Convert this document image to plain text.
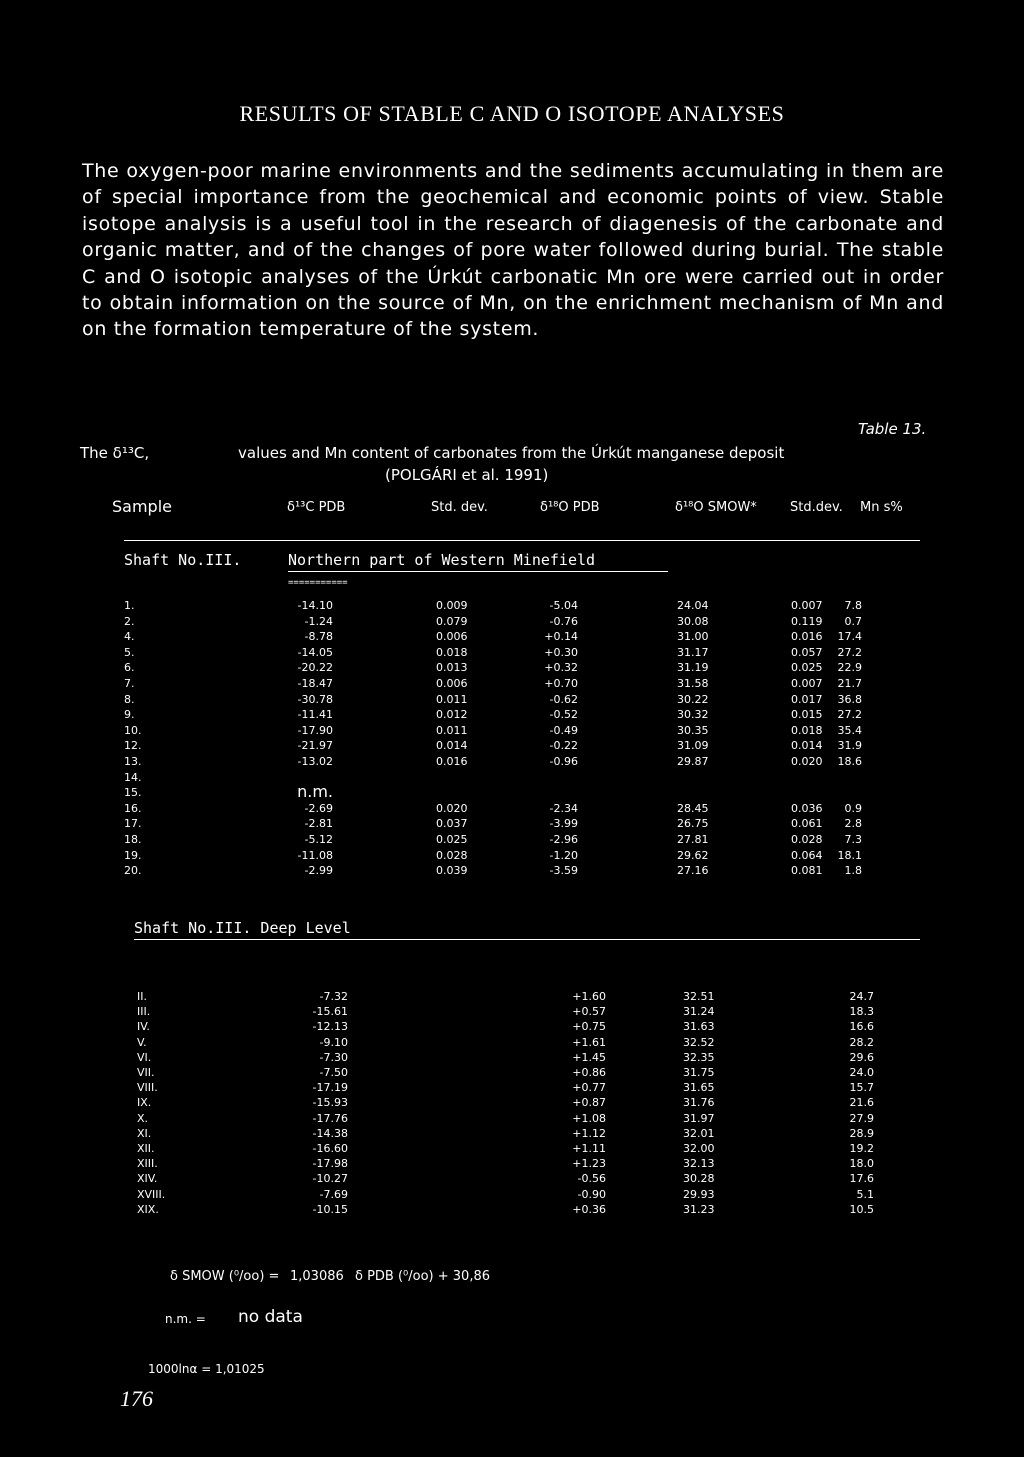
RESULTS OF STABLE C AND O ISOTOPE ANALYSES
The oxygen-poor marine environments and the sediments accumulating in them are of special importance from the geochemical and economic points of view. Stable isotope analysis is a useful tool in the research of diagenesis of the carbonate and organic matter, and of the changes of pore water followed during burial. The stable C and O isotopic analyses of the Úrkút carbonatic Mn ore were carried out in order to obtain information on the source of Mn, on the enrichment mechanism of Mn and on the formation temperature of the system.
Table 13.
The δ¹³C,	values and Mn content of carbonates from the Úrkút manganese deposit
(POLGÁRI et al. 1991)
Sample	δ¹³C PDB	Std. dev.	δ¹⁸O PDB	δ¹⁸O SMOW*	Std.dev. Mn s%
Shaft No.III.	Northern part of Western Minefield
===========
1.	-14.10	0.009	-5.04	24.04	0.007 7.8
2.	-1.24	0.079	-0.76	30.08	0.119 0.7
4.	-8.78	0.006	+0.14	31.00	0.016 17.4
5.	-14.05	0.018	+0.30	31.17	0.057 27.2
6.	-20.22	0.013	+0.32	31.19	0.025 22.9
7.	-18.47	0.006	+0.70	31.58	0.007 21.7
8.	-30.78	0.011	-0.62	30.22	0.017 36.8
9.	-11.41	0.012	-0.52	30.32	0.015 27.2
10.	-17.90	0.011	-0.49	30.35	0.018 35.4
12.	-21.97	0.014	-0.22	31.09	0.014 31.9
13.	-13.02	0.016	-0.96	29.87	0.020 18.6
14.
15.	n.m.
16.	-2.69	0.020	-2.34	28.45	0.036 0.9
17.	-2.81	0.037	-3.99	26.75	0.061 2.8
18.	-5.12	0.025	-2.96	27.81	0.028 7.3
19.	-11.08	0.028	-1.20	29.62	0.064 18.1
20.	-2.99	0.039	-3.59	27.16	0.081 1.8
Shaft No.III. Deep Level
II.	-7.32	+1.60	32.51	24.7
III.	-15.61	+0.57	31.24	18.3
IV.	-12.13	+0.75	31.63	16.6
V.	-9.10	+1.61	32.52	28.2
VI.	-7.30	+1.45	32.35	29.6
VII.	-7.50	+0.86	31.75	24.0
VIII.	-17.19	+0.77	31.65	15.7
IX.	-15.93	+0.87	31.76	21.6
X.	-17.76	+1.08	31.97	27.9
XI.	-14.38	+1.12	32.01	28.9
XII.	-16.60	+1.11	32.00	19.2
XIII.	-17.98	+1.23	32.13	18.0
XIV.	-10.27	-0.56	30.28	17.6
XVIII.	-7.69	-0.90	29.93	5.1
XIX.	-10.15	+0.36	31.23	10.5
δ SMOW (⁰/oo) = 1,03086 δ PDB (⁰/oo) + 30,86
n.m. = no data
1000lnα = 1,01025
176
